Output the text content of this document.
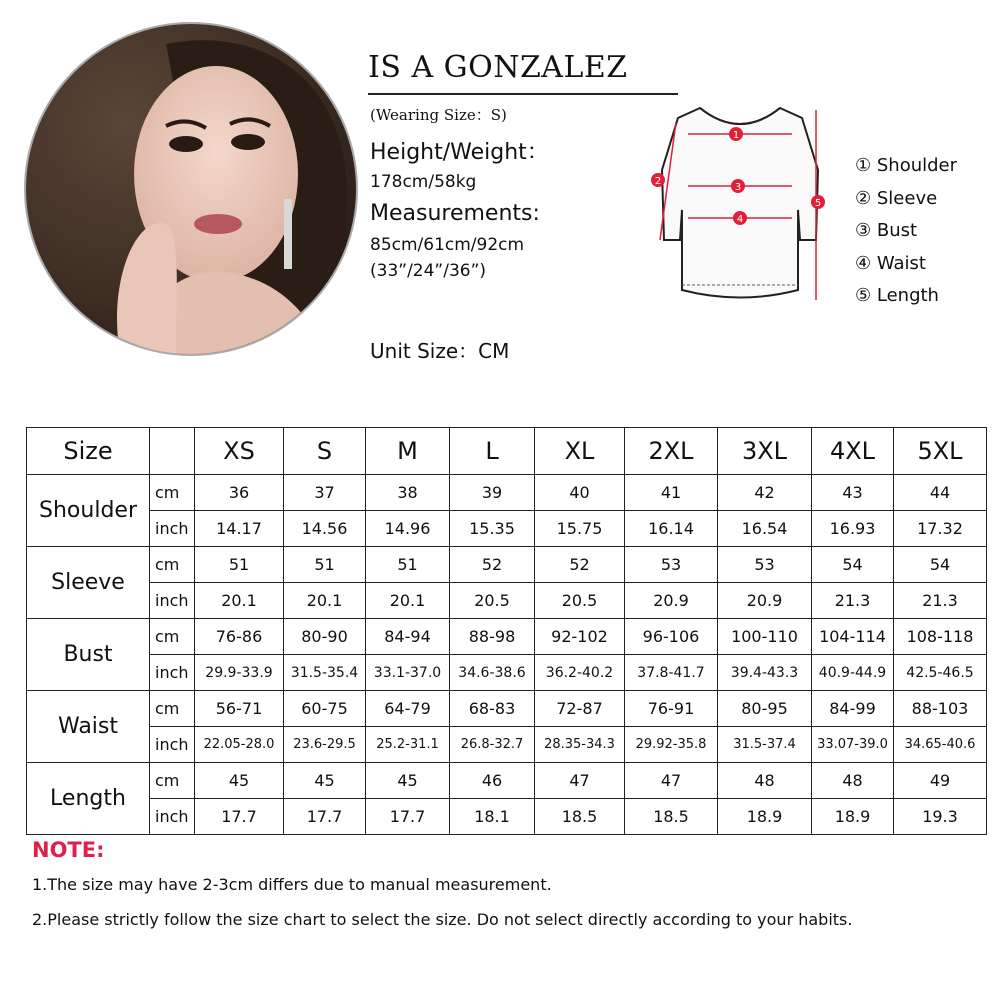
IS A GONZALEZ
(Wearing Size：S)
Height/Weight：
178cm/58kg
Measurements:
85cm/61cm/92cm
(33”/24”/36”)
Unit Size：CM
1
2
3
4
5
① Shoulder
② Sleeve
③ Bust
④ Waist
⑤ Length
Size		XS	S	M	L	XL	2XL	3XL	4XL	5XL
Shoulder	cm	36	37	38	39	40	41	42	43	44
	inch	14.17	14.56	14.96	15.35	15.75	16.14	16.54	16.93	17.32
Sleeve	cm	51	51	51	52	52	53	53	54	54
	inch	20.1	20.1	20.1	20.5	20.5	20.9	20.9	21.3	21.3
Bust	cm	76-86	80-90	84-94	88-98	92-102	96-106	100-110	104-114	108-118
	inch	29.9-33.9	31.5-35.4	33.1-37.0	34.6-38.6	36.2-40.2	37.8-41.7	39.4-43.3	40.9-44.9	42.5-46.5
Waist	cm	56-71	60-75	64-79	68-83	72-87	76-91	80-95	84-99	88-103
	inch	22.05-28.0	23.6-29.5	25.2-31.1	26.8-32.7	28.35-34.3	29.92-35.8	31.5-37.4	33.07-39.0	34.65-40.6
Length	cm	45	45	45	46	47	47	48	48	49
	inch	17.7	17.7	17.7	18.1	18.5	18.5	18.9	18.9	19.3
NOTE:
1.The size may have 2-3cm differs due to manual measurement.
2.Please strictly follow the size chart to select the size. Do not select directly according to your habits.
